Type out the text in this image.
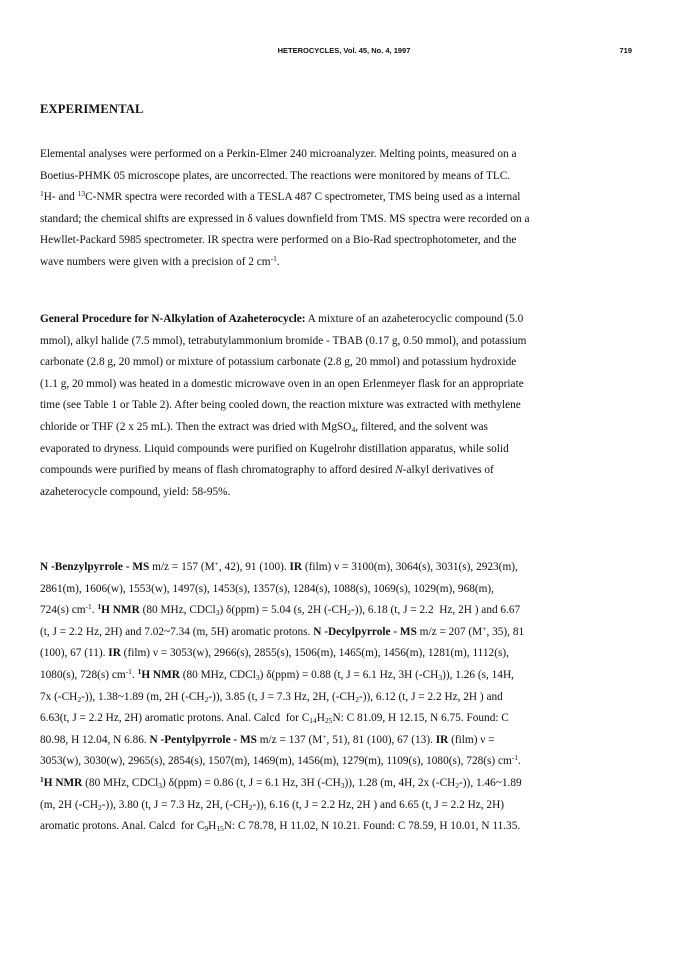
HETEROCYCLES, Vol. 45, No. 4, 1997	719
EXPERIMENTAL
Elemental analyses were performed on a Perkin-Elmer 240 microanalyzer. Melting points, measured on a
Boetius-PHMK 05 microscope plates, are uncorrected. The reactions were monitored by means of TLC.
$^1$H- and $^{13}$C-NMR spectra were recorded with a TESLA 487 C spectrometer, TMS being used as a internal
standard; the chemical shifts are expressed in δ values downfield from TMS. MS spectra were recorded on a
Hewllet-Packard 5985 spectrometer. IR spectra were performed on a Bio-Rad spectrophotometer, and the
wave numbers were given with a precision of 2 $cm^{-1}$.
General Procedure for N-Alkylation of Azaheterocycle: A mixture of an azaheterocyclic compound (5.0
mmol), alkyl halide (7.5 mmol), tetrabutylammonium bromide - TBAB (0.17 g, 0.50 mmol), and potassium
carbonate (2.8 g, 20 mmol) or mixture of potassium carbonate (2.8 g, 20 mmol) and potassium hydroxide
(1.1 g, 20 mmol) was heated in a domestic microwave oven in an open Erlenmeyer flask for an appropriate
time (see Table 1 or Table 2). After being cooled down, the reaction mixture was extracted with methylene
chloride or THF (2 x 25 mL). Then the extract was dried with MgSO$_4$, filtered, and the solvent was
evaporated to dryness. Liquid compounds were purified on Kugelrohr distillation apparatus, while solid
compounds were purified by means of flash chromatography to afford desired N-alkyl derivatives of
azaheterocycle compound, yield: 58-95%.
N -Benzylpyrrole - MS m/z = 157 (M+, 42), 91 (100). IR (film) ν = 3100(m), 3064(s), 3031(s), 2923(m),
2861(m), 1606(w), 1553(w), 1497(s), 1453(s), 1357(s), 1284(s), 1088(s), 1069(s), 1029(m), 968(m),
724(s) $cm^{-1}$. $^1$H NMR (80 MHz, CDCl$_3$) δ(ppm) = 5.04 (s, 2H $(-CH_2-)$), 6.18 (t, J = 2.2  Hz, 2H ) and 6.67
(t, J = 2.2 Hz, 2H) and 7.02~7.34 (m, 5H) aromatic protons. N -Decylpyrrole - MS m/z = 207 (M+, 35), 81
(100), 67 (11). IR (film) ν = 3053(w), 2966(s), 2855(s), 1506(m), 1465(m), 1456(m), 1281(m), 1112(s),
1080(s), 728(s) $cm^{-1}$. $^1$H NMR (80 MHz, CDCl$_3$) δ(ppm) = 0.88 (t, J = 6.1 Hz, 3H $(-CH_3)$), 1.26 (s, 14H,
7x $(-CH_2-)$), 1.38~1.89 (m, 2H $(-CH_2-)$), 3.85 (t, J = 7.3 Hz, 2H, $(-CH_2-)$), 6.12 (t, J = 2.2 Hz, 2H ) and
6.63(t, J = 2.2 Hz, 2H) aromatic protons. Anal. Calcd  for $C_{14}H_{25}N$: C 81.09, H 12.15, N 6.75. Found: C
80.98, H 12.04, N 6.86. N -Pentylpyrrole - MS m/z = 137 (M+, 51), 81 (100), 67 (13). IR (film) ν =
3053(w), 3030(w), 2965(s), 2854(s), 1507(m), 1469(m), 1456(m), 1279(m), 1109(s), 1080(s), 728(s) $cm^{-1}$.
$^1$H NMR (80 MHz, CDCl$_3$) δ(ppm) = 0.86 (t, J = 6.1 Hz, 3H $(-CH_3)$), 1.28 (m, 4H, 2x $(-CH_2-)$), 1.46~1.89
(m, 2H $(-CH_2-)$), 3.80 (t, J = 7.3 Hz, 2H, $(-CH_2-)$), 6.16 (t, J = 2.2 Hz, 2H ) and 6.65 (t, J = 2.2 Hz, 2H)
aromatic protons. Anal. Calcd  for $C_9H_{15}N$: C 78.78, H 11.02, N 10.21. Found: C 78.59, H 10.01, N 11.35.
